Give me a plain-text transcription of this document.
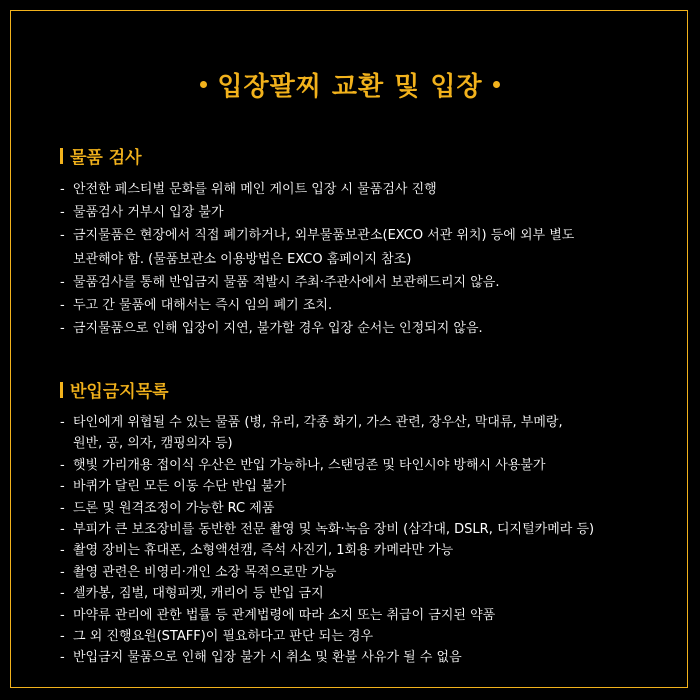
입장팔찌 교환 및 입장
물품 검사
- 안전한 페스티벌 문화를 위해 메인 게이트 입장 시 물품검사 진행
- 물품검사 거부시 입장 불가
- 금지물품은 현장에서 직접 폐기하거나, 외부물품보관소(EXCO 서관 위치) 등에 외부 별도
보관해야 함. (물품보관소 이용방법은 EXCO 홈페이지 참조)
- 물품검사를 통해 반입금지 물품 적발시 주최·주관사에서 보관해드리지 않음.
- 두고 간 물품에 대해서는 즉시 임의 폐기 조치.
- 금지물품으로 인해 입장이 지연, 불가할 경우 입장 순서는 인정되지 않음.
반입금지목록
- 타인에게 위협될 수 있는 물품 (병, 유리, 각종 화기, 가스 관련, 장우산, 막대류, 부메랑,
원반, 공, 의자, 캠핑의자 등)
- 햇빛 가리개용 접이식 우산은 반입 가능하나, 스탠딩존 및 타인시야 방해시 사용불가
- 바퀴가 달린 모든 이동 수단 반입 불가
- 드론 및 원격조정이 가능한 RC 제품
- 부피가 큰 보조장비를 동반한 전문 촬영 및 녹화·녹음 장비 (삼각대, DSLR, 디지털카메라 등)
- 촬영 장비는 휴대폰, 소형액션캠, 즉석 사진기, 1회용 카메라만 가능
- 촬영 관련은 비영리·개인 소장 목적으로만 가능
- 셀카봉, 짐벌, 대형피켓, 캐리어 등 반입 금지
- 마약류 관리에 관한 법률 등 관계법령에 따라 소지 또는 취급이 금지된 약품
- 그 외 진행요원(STAFF)이 필요하다고 판단 되는 경우
- 반입금지 물품으로 인해 입장 불가 시 취소 및 환불 사유가 될 수 없음
